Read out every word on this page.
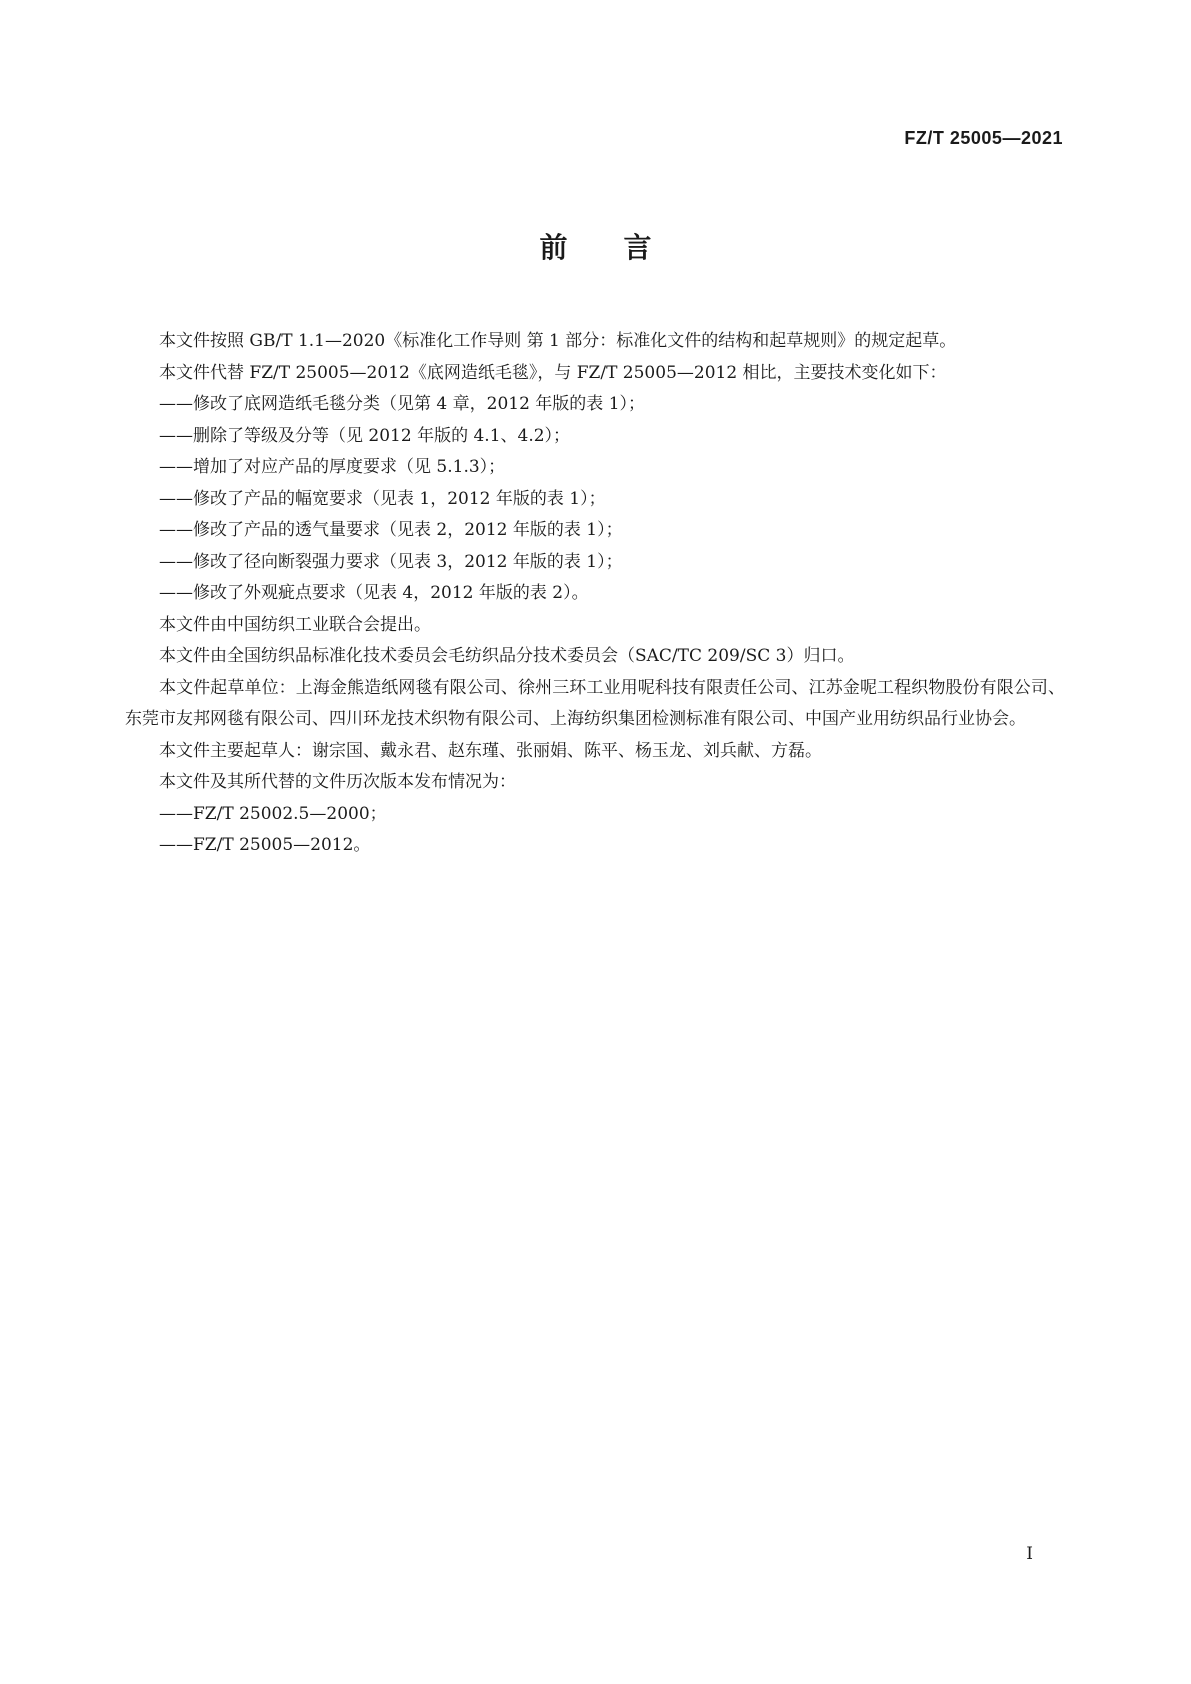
FZ/T 25005—2021
前言

本文件按照 GB/T 1.1—2020《标准化工作导则 第 1 部分：标准化文件的结构和起草规则》的规定起草。

本文件代替 FZ/T 25005—2012《底网造纸毛毯》，与 FZ/T 25005—2012 相比，主要技术变化如下：

——修改了底网造纸毛毯分类（见第 4 章，2012 年版的表 1）；

——删除了等级及分等（见 2012 年版的 4.1、4.2）；

——增加了对应产品的厚度要求（见 5.1.3）；

——修改了产品的幅宽要求（见表 1，2012 年版的表 1）；

——修改了产品的透气量要求（见表 2，2012 年版的表 1）；

——修改了径向断裂强力要求（见表 3，2012 年版的表 1）；

——修改了外观疵点要求（见表 4，2012 年版的表 2）。

本文件由中国纺织工业联合会提出。

本文件由全国纺织品标准化技术委员会毛纺织品分技术委员会（SAC/TC 209/SC 3）归口。

本文件起草单位：上海金熊造纸网毯有限公司、徐州三环工业用呢科技有限责任公司、江苏金呢工程织物股份有限公司、东莞市友邦网毯有限公司、四川环龙技术织物有限公司、上海纺织集团检测标准有限公司、中国产业用纺织品行业协会。

本文件主要起草人：谢宗国、戴永君、赵东瑾、张丽娟、陈平、杨玉龙、刘兵献、方磊。

本文件及其所代替的文件历次版本发布情况为：

——FZ/T 25002.5—2000；

——FZ/T 25005—2012。

I
